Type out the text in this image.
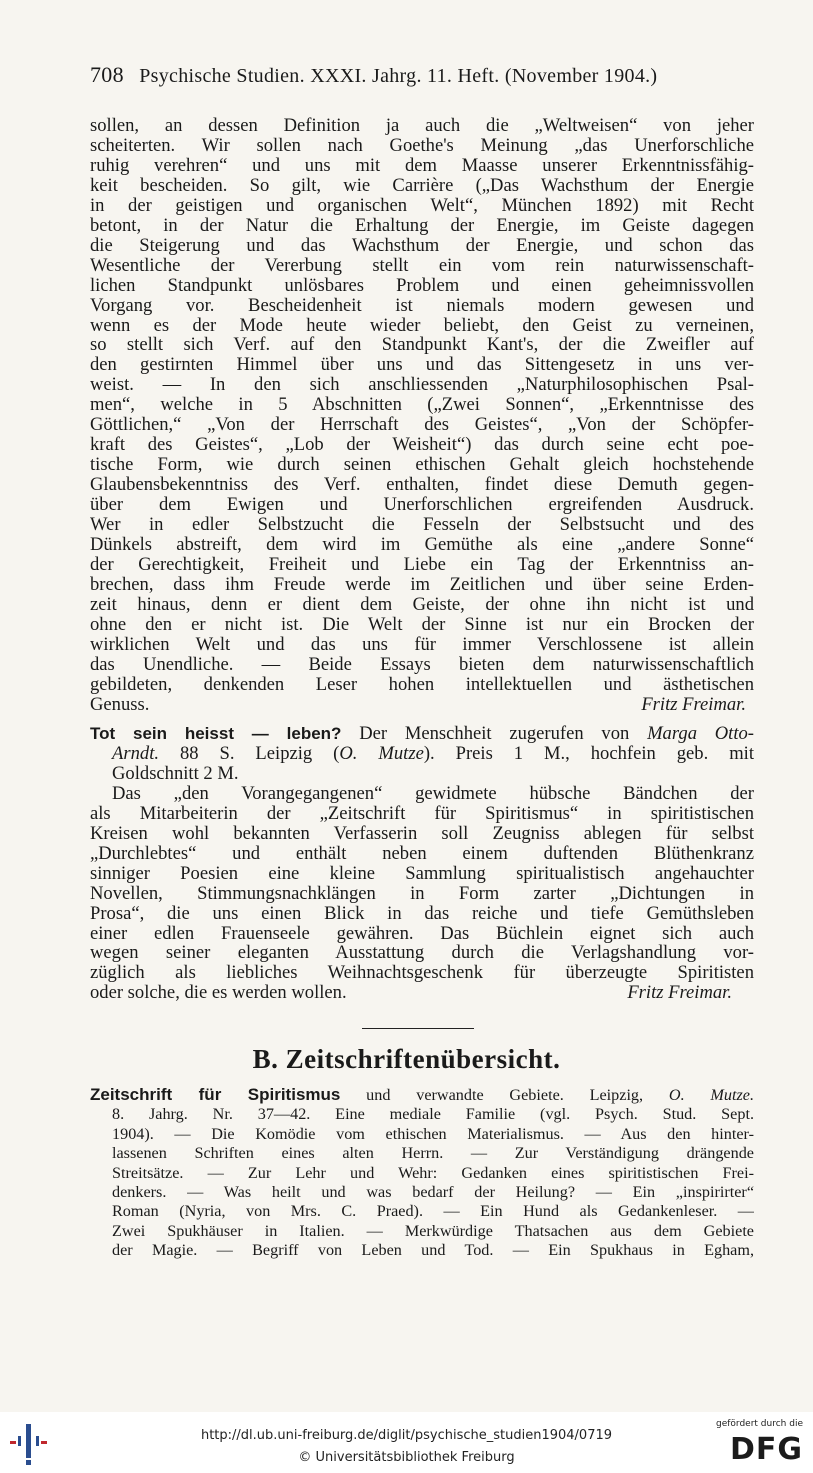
708 Psychische Studien. XXXI. Jahrg. 11. Heft. (November 1904.)
sollen, an dessen Definition ja auch die „Weltweisen“ von jeher
scheiterten. Wir sollen nach Goethe's Meinung „das Unerforschliche
ruhig verehren“ und uns mit dem Maasse unserer Erkenntnissfähig-
keit bescheiden. So gilt, wie Carrière („Das Wachsthum der Energie
in der geistigen und organischen Welt“, München 1892) mit Recht
betont, in der Natur die Erhaltung der Energie, im Geiste dagegen
die Steigerung und das Wachsthum der Energie, und schon das
Wesentliche der Vererbung stellt ein vom rein naturwissenschaft-
lichen Standpunkt unlösbares Problem und einen geheimnissvollen
Vorgang vor. Bescheidenheit ist niemals modern gewesen und
wenn es der Mode heute wieder beliebt, den Geist zu verneinen,
so stellt sich Verf. auf den Standpunkt Kant's, der die Zweifler auf
den gestirnten Himmel über uns und das Sittengesetz in uns ver-
weist. — In den sich anschliessenden „Naturphilosophischen Psal-
men“, welche in 5 Abschnitten („Zwei Sonnen“, „Erkenntnisse des
Göttlichen,“ „Von der Herrschaft des Geistes“, „Von der Schöpfer-
kraft des Geistes“, „Lob der Weisheit“) das durch seine echt poe-
tische Form, wie durch seinen ethischen Gehalt gleich hochstehende
Glaubensbekenntniss des Verf. enthalten, findet diese Demuth gegen-
über dem Ewigen und Unerforschlichen ergreifenden Ausdruck.
Wer in edler Selbstzucht die Fesseln der Selbstsucht und des
Dünkels abstreift, dem wird im Gemüthe als eine „andere Sonne“
der Gerechtigkeit, Freiheit und Liebe ein Tag der Erkenntniss an-
brechen, dass ihm Freude werde im Zeitlichen und über seine Erden-
zeit hinaus, denn er dient dem Geiste, der ohne ihn nicht ist und
ohne den er nicht ist. Die Welt der Sinne ist nur ein Brocken der
wirklichen Welt und das uns für immer Verschlossene ist allein
das Unendliche. — Beide Essays bieten dem naturwissenschaftlich
gebildeten, denkenden Leser hohen intellektuellen und ästhetischen
Genuss.	Fritz Freimar.
Tot sein heisst — leben? Der Menschheit zugerufen von Marga Otto-
Arndt. 88 S. Leipzig (O. Mutze). Preis 1 M., hochfein geb. mit
Goldschnitt 2 M.
Das „den Vorangegangenen“ gewidmete hübsche Bändchen der
als Mitarbeiterin der „Zeitschrift für Spiritismus“ in spiritistischen
Kreisen wohl bekannten Verfasserin soll Zeugniss ablegen für selbst
„Durchlebtes“ und enthält neben einem duftenden Blüthenkranz
sinniger Poesien eine kleine Sammlung spiritualistisch angehauchter
Novellen, Stimmungsnachklängen in Form zarter „Dichtungen in
Prosa“, die uns einen Blick in das reiche und tiefe Gemüthsleben
einer edlen Frauenseele gewähren. Das Büchlein eignet sich auch
wegen seiner eleganten Ausstattung durch die Verlagshandlung vor-
züglich als liebliches Weihnachtsgeschenk für überzeugte Spiritisten
oder solche, die es werden wollen.	Fritz Freimar.
B. Zeitschriftenübersicht.
Zeitschrift für Spiritismus und verwandte Gebiete. Leipzig, O. Mutze.
8. Jahrg. Nr. 37—42. Eine mediale Familie (vgl. Psych. Stud. Sept.
1904). — Die Komödie vom ethischen Materialismus. — Aus den hinter-
lassenen Schriften eines alten Herrn. — Zur Verständigung drängende
Streitsätze. — Zur Lehr und Wehr: Gedanken eines spiritistischen Frei-
denkers. — Was heilt und was bedarf der Heilung? — Ein „inspirirter“
Roman (Nyria, von Mrs. C. Praed). — Ein Hund als Gedankenleser. —
Zwei Spukhäuser in Italien. — Merkwürdige Thatsachen aus dem Gebiete
der Magie. — Begriff von Leben und Tod. — Ein Spukhaus in Egham,
http://dl.ub.uni-freiburg.de/diglit/psychische_studien1904/0719
© Universitätsbibliothek Freiburg
gefördert durch die
DFG
